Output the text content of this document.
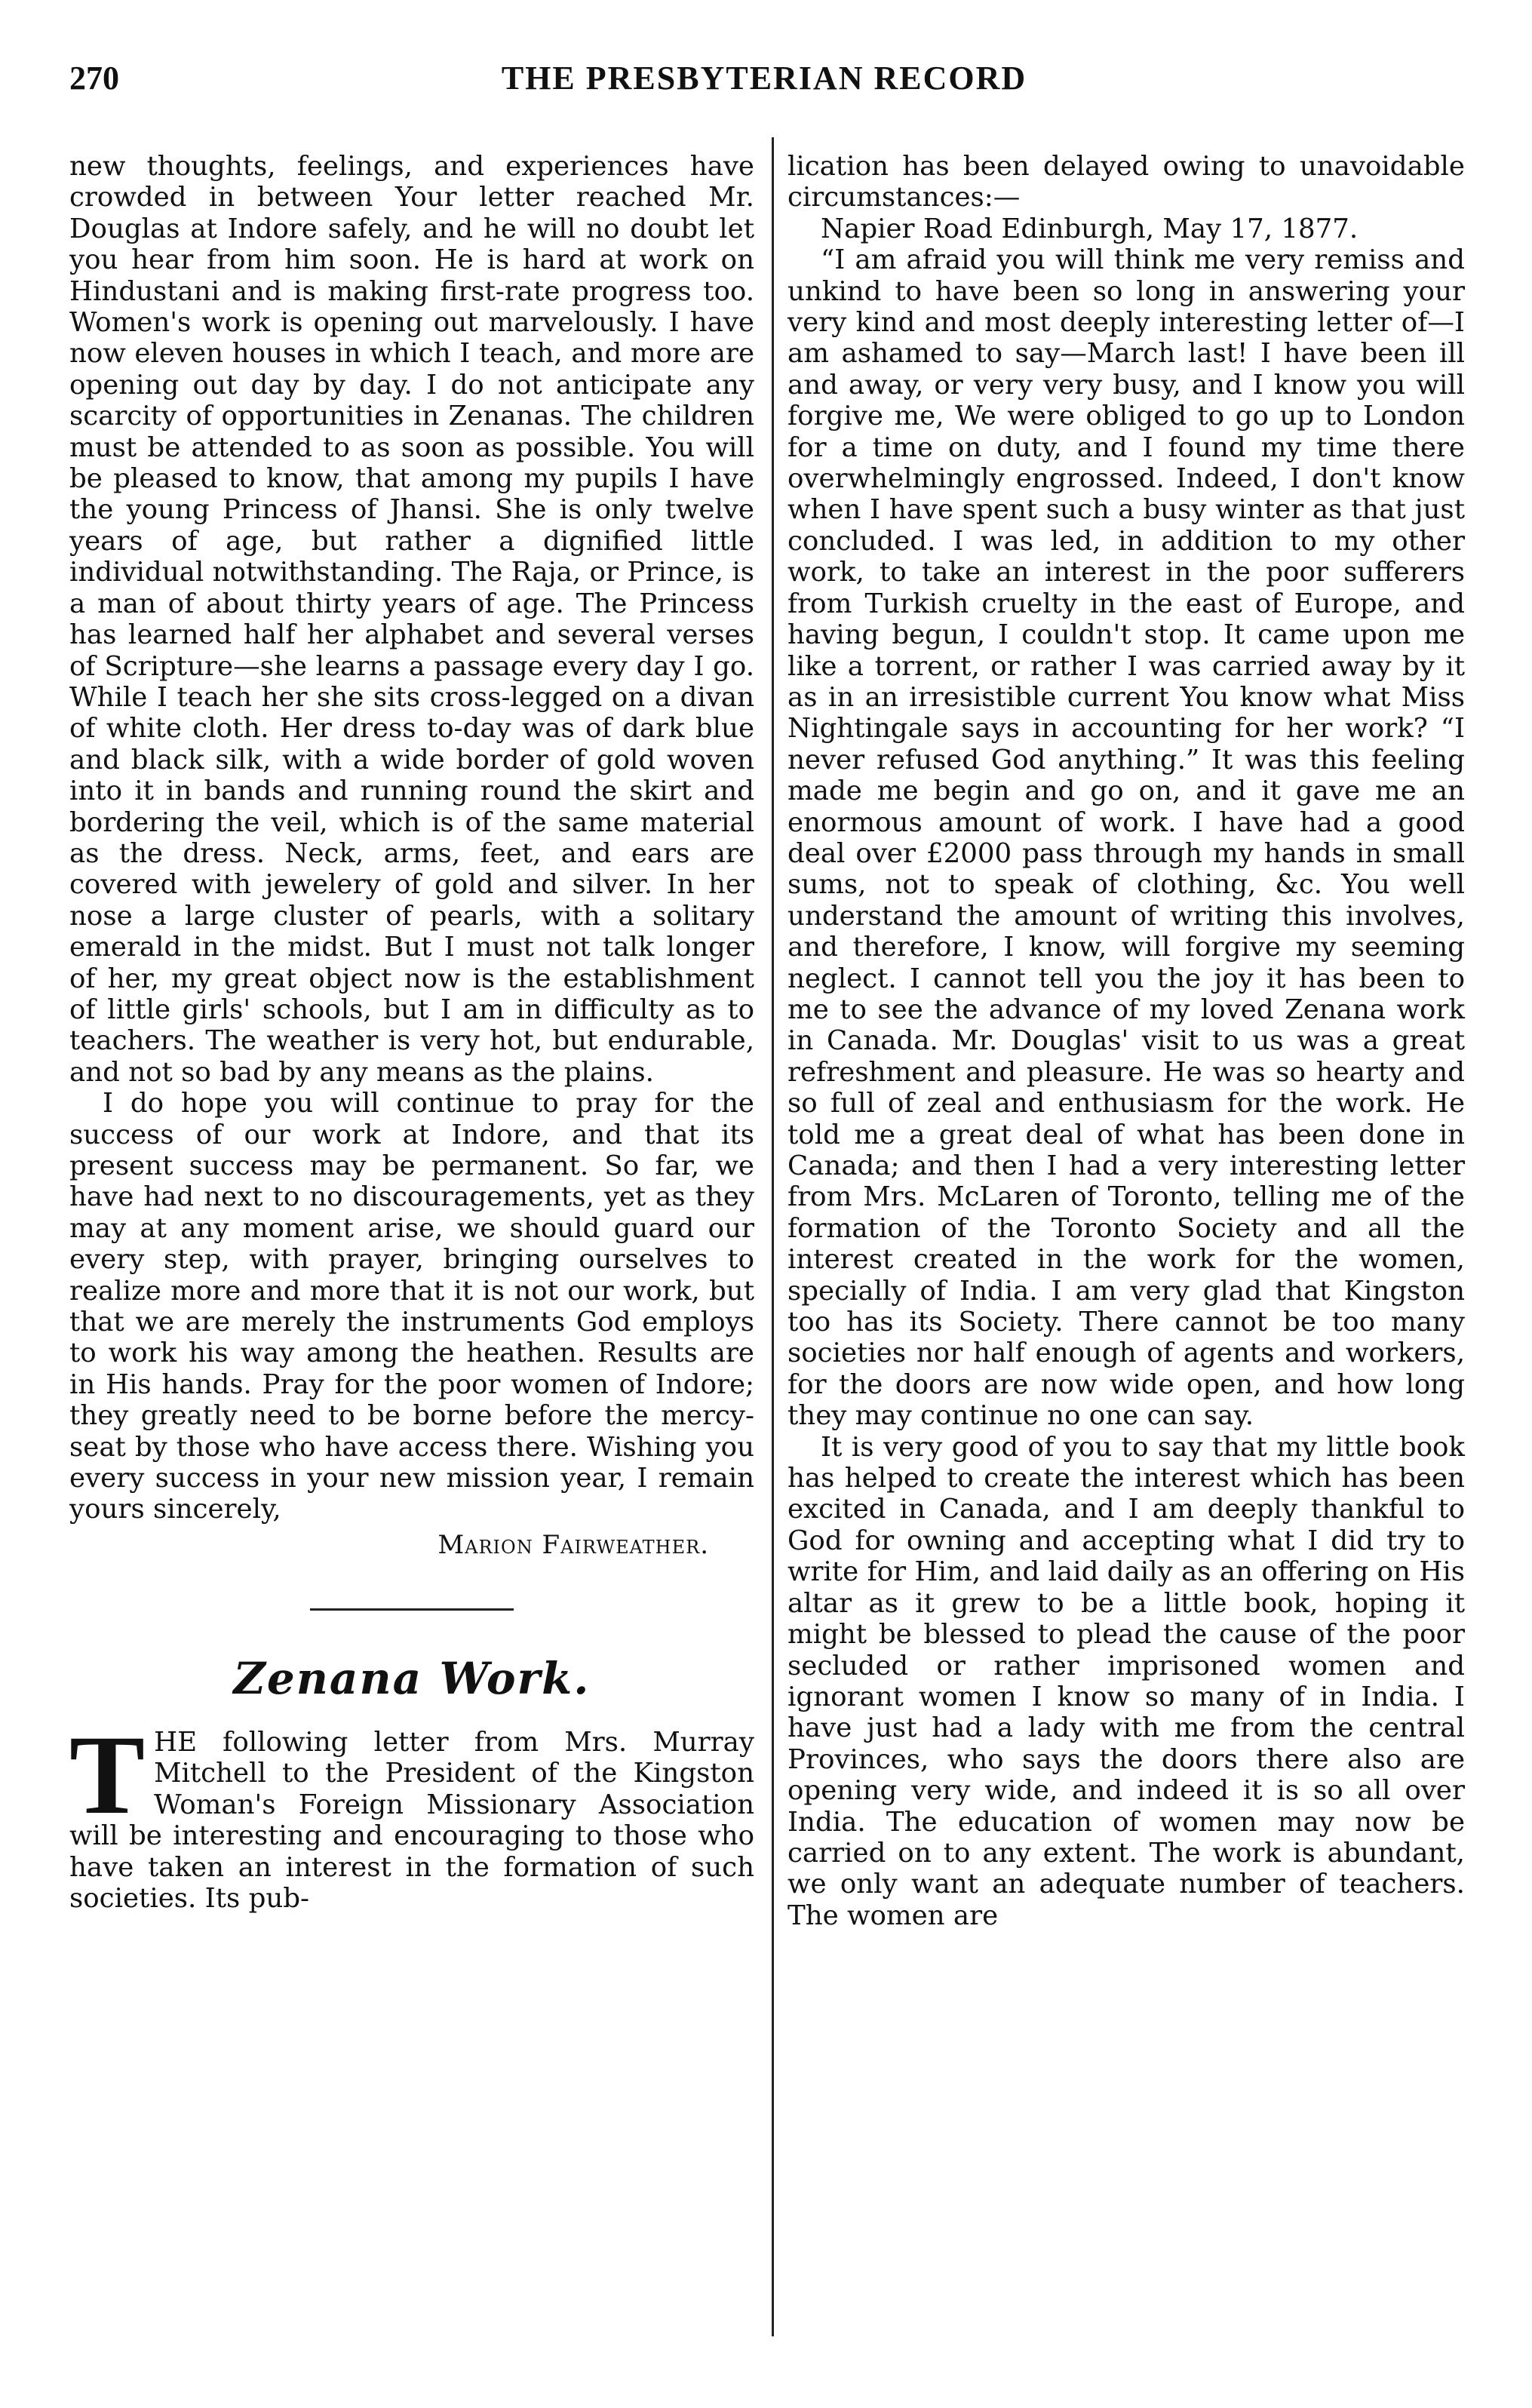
270	THE PRESBYTERIAN RECORD

new thoughts, feelings, and experiences have crowded in between Your letter reached Mr. Douglas at Indore safely, and he will no doubt let you hear from him soon. He is hard at work on Hindustani and is making first-rate progress too. Women's work is opening out marvelously. I have now eleven houses in which I teach, and more are opening out day by day. I do not anticipate any scarcity of opportunities in Zenanas. The children must be attended to as soon as possible. You will be pleased to know, that among my pupils I have the young Princess of Jhansi. She is only twelve years of age, but rather a dignified little individual notwithstanding. The Raja, or Prince, is a man of about thirty years of age. The Princess has learned half her alphabet and several verses of Scripture—she learns a passage every day I go. While I teach her she sits cross-legged on a divan of white cloth. Her dress to-day was of dark blue and black silk, with a wide border of gold woven into it in bands and running round the skirt and bordering the veil, which is of the same material as the dress. Neck, arms, feet, and ears are covered with jewelery of gold and silver. In her nose a large cluster of pearls, with a solitary emerald in the midst. But I must not talk longer of her, my great object now is the establishment of little girls' schools, but I am in difficulty as to teachers. The weather is very hot, but endurable, and not so bad by any means as the plains.

I do hope you will continue to pray for the success of our work at Indore, and that its present success may be permanent. So far, we have had next to no discouragements, yet as they may at any moment arise, we should guard our every step, with prayer, bringing ourselves to realize more and more that it is not our work, but that we are merely the instruments God employs to work his way among the heathen. Results are in His hands. Pray for the poor women of Indore; they greatly need to be borne before the mercy-seat by those who have access there. Wishing you every success in your new mission year, I remain yours sincerely,

Marion Fairweather.
Zenana Work.

THE following letter from Mrs. Murray Mitchell to the President of the Kingston Woman's Foreign Missionary Association will be interesting and encouraging to those who have taken an interest in the formation of such societies. Its pub-

lication has been delayed owing to unavoidable circumstances:—

Napier Road Edinburgh, May 17, 1877.

“I am afraid you will think me very remiss and unkind to have been so long in answering your very kind and most deeply interesting letter of—I am ashamed to say—March last! I have been ill and away, or very very busy, and I know you will forgive me, We were obliged to go up to London for a time on duty, and I found my time there overwhelmingly engrossed. Indeed, I don't know when I have spent such a busy winter as that just concluded. I was led, in addition to my other work, to take an interest in the poor sufferers from Turkish cruelty in the east of Europe, and having begun, I couldn't stop. It came upon me like a torrent, or rather I was carried away by it as in an irresistible current You know what Miss Nightingale says in accounting for her work? “I never refused God anything.” It was this feeling made me begin and go on, and it gave me an enormous amount of work. I have had a good deal over £2000 pass through my hands in small sums, not to speak of clothing, &c. You well understand the amount of writing this involves, and therefore, I know, will forgive my seeming neglect. I cannot tell you the joy it has been to me to see the advance of my loved Zenana work in Canada. Mr. Douglas' visit to us was a great refreshment and pleasure. He was so hearty and so full of zeal and enthusiasm for the work. He told me a great deal of what has been done in Canada; and then I had a very interesting letter from Mrs. McLaren of Toronto, telling me of the formation of the Toronto Society and all the interest created in the work for the women, specially of India. I am very glad that Kingston too has its Society. There cannot be too many societies nor half enough of agents and workers, for the doors are now wide open, and how long they may continue no one can say.

It is very good of you to say that my little book has helped to create the interest which has been excited in Canada, and I am deeply thankful to God for owning and accepting what I did try to write for Him, and laid daily as an offering on His altar as it grew to be a little book, hoping it might be blessed to plead the cause of the poor secluded or rather imprisoned women and ignorant women I know so many of in India. I have just had a lady with me from the central Provinces, who says the doors there also are opening very wide, and indeed it is so all over India. The education of women may now be carried on to any extent. The work is abundant, we only want an adequate number of teachers. The women are
